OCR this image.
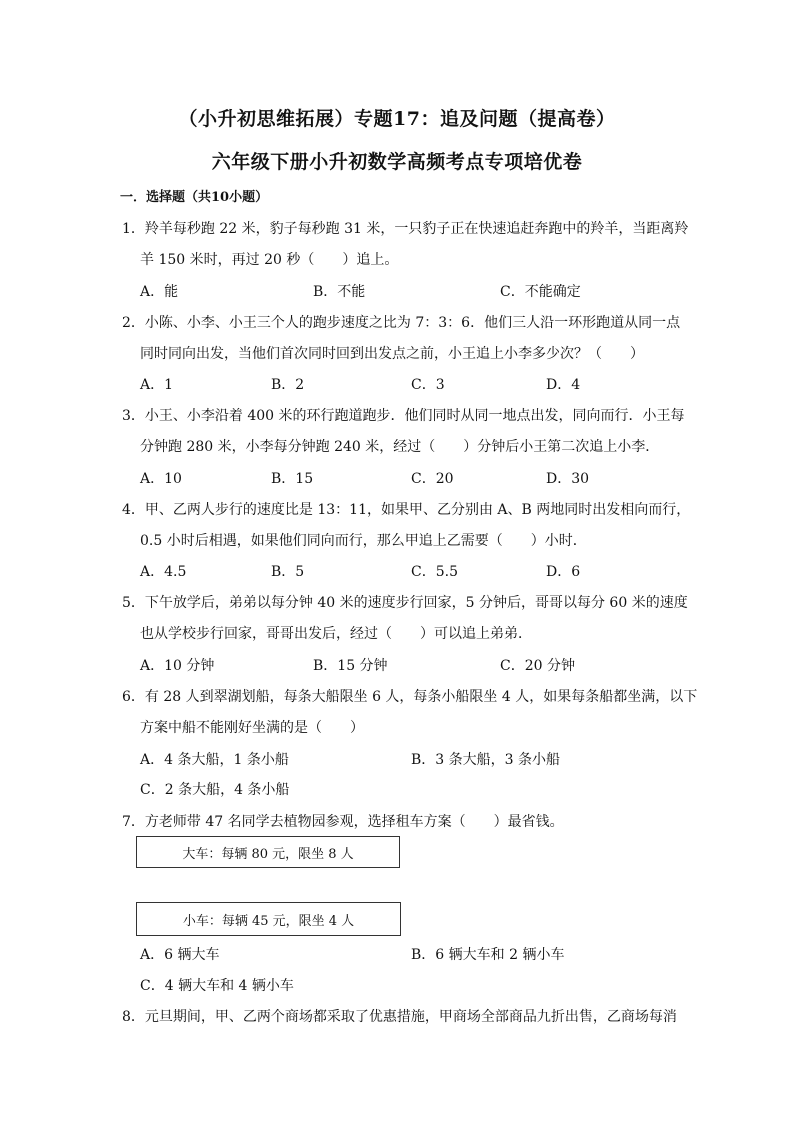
（小升初思维拓展）专题17：追及问题（提高卷）
六年级下册小升初数学高频考点专项培优卷
一．选择题（共10小题）
1．羚羊每秒跑 22 米，豹子每秒跑 31 米，一只豹子正在快速追赶奔跑中的羚羊，当距离羚
羊 150 米时，再过 20 秒（　　）追上。
A．能	B．不能	C．不能确定
2．小陈、小李、小王三个人的跑步速度之比为 7：3：6．他们三人沿一环形跑道从同一点
同时同向出发，当他们首次同时回到出发点之前，小王追上小李多少次？（　　）
A．1	B．2	C．3	D．4
3．小王、小李沿着 400 米的环行跑道跑步．他们同时从同一地点出发，同向而行．小王每
分钟跑 280 米，小李每分钟跑 240 米，经过（　　）分钟后小王第二次追上小李．
A．10	B．15	C．20	D．30
4．甲、乙两人步行的速度比是 13：11，如果甲、乙分别由 A、B 两地同时出发相向而行，
0.5 小时后相遇，如果他们同向而行，那么甲追上乙需要（　　）小时．
A．4.5	B．5	C．5.5	D．6
5．下午放学后，弟弟以每分钟 40 米的速度步行回家，5 分钟后，哥哥以每分 60 米的速度
也从学校步行回家，哥哥出发后，经过（　　）可以追上弟弟．
A．10 分钟	B．15 分钟	C．20 分钟
6．有 28 人到翠湖划船，每条大船限坐 6 人，每条小船限坐 4 人，如果每条船都坐满，以下
方案中船不能刚好坐满的是（　　）
A．4 条大船，1 条小船	B．3 条大船，3 条小船
C．2 条大船，4 条小船
7．方老师带 47 名同学去植物园参观，选择租车方案（　　）最省钱。
大车：每辆 80 元，限坐 8 人
小车：每辆 45 元，限坐 4 人
A．6 辆大车	B．6 辆大车和 2 辆小车
C．4 辆大车和 4 辆小车
8．元旦期间，甲、乙两个商场都采取了优惠措施，甲商场全部商品九折出售，乙商场每消
